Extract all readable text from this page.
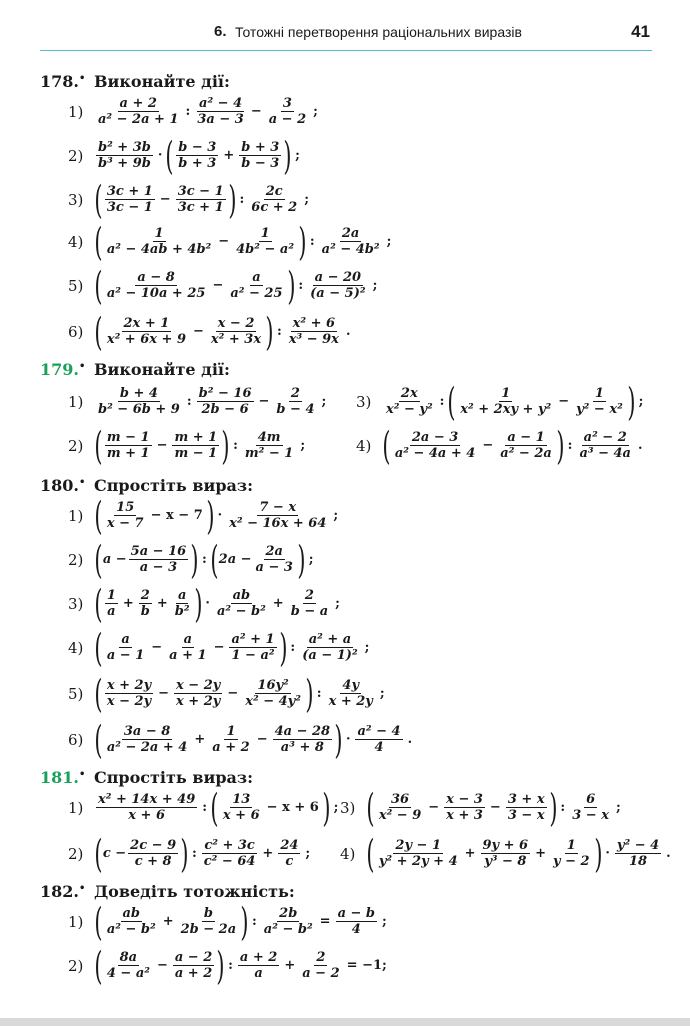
6. Тотожні перетворення раціональних виразів	41
178.• Виконайте дії:
$1) \frac{a + 2}{\text{a² − 2a + 1}}$ : $\frac{\text{a² − 4}}{3a - 3} - \frac{3}{a - 2}$ ;
$2) \frac{\text{b² + 3b}}{\text{b³ + 9b}}$ · ( $\frac{b - 3}{b + 3} + \frac{b + 3}{b - 3}$ ) ;
3) ( $\frac{3c + 1}{3c - 1} - \frac{3c - 1}{3c + 1}$ ) : $\frac{2c}{6c + 2}$ ;
4) ( $\frac{1}{\text{a² − 4ab + 4b²}} - \frac{1}{\text{4b² − a²}}$ ) : $\frac{2a}{\text{a² − 4b²}}$ ;
5) ( $\frac{a - 8}{\text{a² − 10a + 25}} - \frac{a}{\text{a² − 25}}$ ) : $\frac{a - 20}{\text{(a − 5)²}}$ ;
6) ( $\frac{2x + 1}{\text{x² + 6x + 9}} - \frac{x - 2}{\text{x² + 3x}}$ ) : $\frac{\text{x² + 6}}{\text{x³ − 9x}}$ .
179.• Виконайте дії:
$1) \frac{b + 4}{\text{b² − 6b + 9}}$ : $\frac{\text{b² − 16}}{2b - 6} - \frac{2}{b - 4}$ ; $3) \frac{2x}{\text{x² − y²}}$ : ( $\frac{1}{\text{x² + 2xy + y²}} - \frac{1}{\text{y² − x²}}$ ) ;
2) ( $\frac{m - 1}{m + 1} - \frac{m + 1}{m - 1}$ ) : $\frac{4m}{\text{m² − 1}}$ ;	4) ( $\frac{2a - 3}{\text{a² − 4a + 4}} - \frac{a - 1}{\text{a² − 2a}}$ ) : $\frac{\text{a² − 2}}{\text{a³ − 4a}}$ .
180.• Спростіть вираз:
1) ( $\frac{15}{x - 7} - x - 7$ ) · $\frac{7 - x}{\text{x² − 16x + 64}}$ ;
2) ( $a - \frac{5a - 16}{a - 3}$ ) : ( $2a - \frac{2a}{a - 3}$ ) ;
3) ( $\frac{1}{a} + \frac{2}{b} + \frac{a}{\text{b²}}$ ) · $\frac{ab}{\text{a² − b²}} + \frac{2}{b - a}$ ;
4) ( $\frac{a}{a - 1} - \frac{a}{a + 1} - \frac{\text{a² + 1}}{\text{1 − a²}}$ ) : $\frac{\text{a² + a}}{\text{(a − 1)²}}$ ;
5) ( $\frac{x + 2y}{x - 2y} - \frac{x - 2y}{x + 2y} - \frac{\text{16y²}}{\text{x² − 4y²}}$ ) : $\frac{4y}{x + 2y}$ ;
6) ( $\frac{3a - 8}{\text{a² − 2a + 4}} + \frac{1}{a + 2} - \frac{4a - 28}{\text{a³ + 8}}$ ) · $\frac{\text{a² − 4}}{4}$ .
181.• Спростіть вираз:
$1) \frac{\text{x² + 14x + 49}}{x + 6}$ : ( $\frac{13}{x + 6} - x + 6$ ) ; 3) ( $\frac{36}{\text{x² − 9}} - \frac{x - 3}{x + 3} - \frac{3 + x}{3 - x}$ ) : $\frac{6}{3 - x}$ ;
2) ( $c - \frac{2c - 9}{c + 8}$ ) : $\frac{\text{c² + 3c}}{\text{c² − 64}} + \frac{24}{c}$ ; 4) ( $\frac{2y - 1}{\text{y² + 2y + 4}} + \frac{9y + 6}{\text{y³ − 8}} + \frac{1}{y - 2}$ ) · $\frac{\text{y² − 4}}{18}$ .
182.• Доведіть тотожність:
1) ( $\frac{ab}{\text{a² − b²}} + \frac{b}{2b - 2a}$ ) : $\frac{2b}{\text{a² − b²}} = \frac{a - b}{4}$ ;
2) ( $\frac{8a}{\text{4 − a²}} - \frac{a - 2}{a + 2}$ ) : $\frac{a + 2}{a} + \frac{2}{a - 2} = -1$;
